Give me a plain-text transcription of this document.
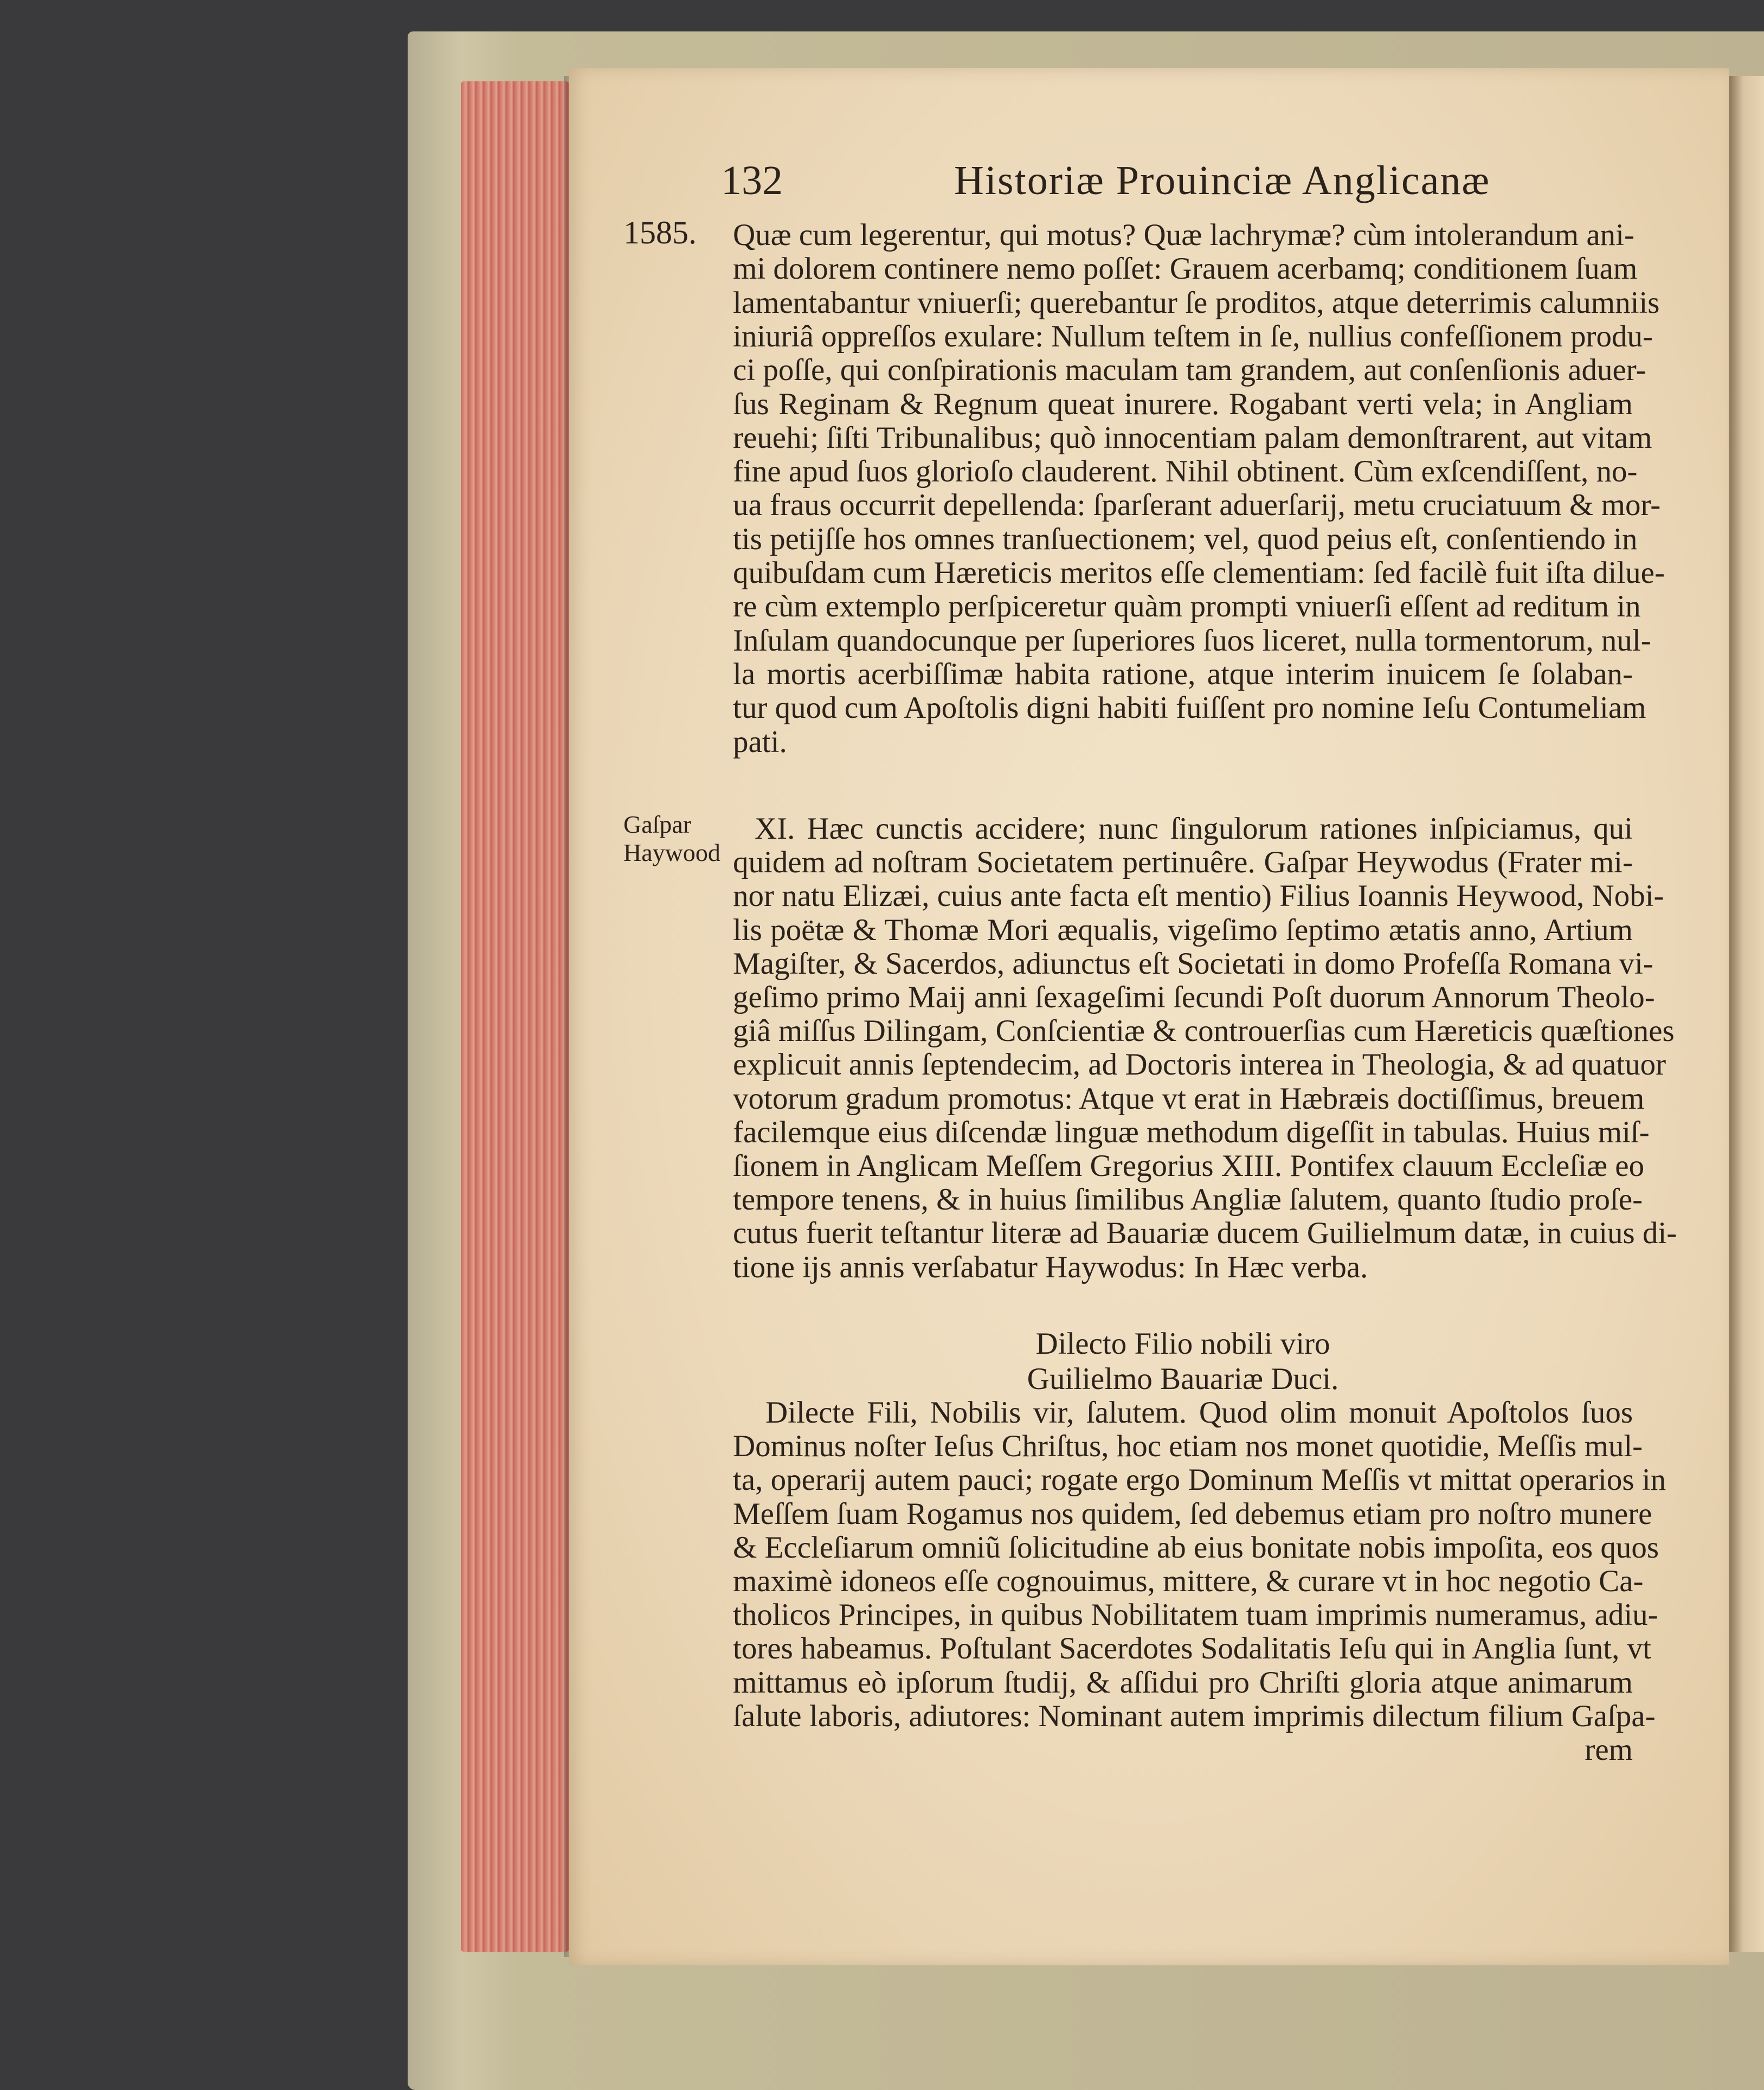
132	Historiæ Prouinciæ Anglicanæ
1585.
Gaſpar
Haywood
Quæ cum legerentur, qui motus? Quæ lachrymæ? cùm intolerandum ani-
mi dolorem continere nemo poſſet: Grauem acerbamq; conditionem ſuam
lamentabantur vniuerſi; querebantur ſe proditos, atque deterrimis calumniis
iniuriâ oppreſſos exulare: Nullum teſtem in ſe, nullius confeſſionem produ-
ci poſſe, qui conſpirationis maculam tam grandem, aut conſenſionis aduer-
ſus Reginam & Regnum queat inurere. Rogabant verti vela; in Angliam
reuehi; ſiſti Tribunalibus; quò innocentiam palam demonſtrarent, aut vitam
fine apud ſuos glorioſo clauderent. Nihil obtinent. Cùm exſcendiſſent, no-
ua fraus occurrit depellenda: ſparſerant aduerſarij, metu cruciatuum & mor-
tis petijſſe hos omnes tranſuectionem; vel, quod peius eſt, conſentiendo in
quibuſdam cum Hæreticis meritos eſſe clementiam: ſed facilè fuit iſta dilue-
re cùm extemplo perſpiceretur quàm prompti vniuerſi eſſent ad reditum in
Inſulam quandocunque per ſuperiores ſuos liceret, nulla tormentorum, nul-
la mortis acerbiſſimæ habita ratione, atque interim inuicem ſe ſolaban-
tur quod cum Apoſtolis digni habiti fuiſſent pro nomine Ieſu Contumeliam
pati.
XI. Hæc cunctis accidere; nunc ſingulorum rationes inſpiciamus, qui
quidem ad noſtram Societatem pertinuêre. Gaſpar Heywodus (Frater mi-
nor natu Elizæi, cuius ante facta eſt mentio) Filius Ioannis Heywood, Nobi-
lis poëtæ & Thomæ Mori æqualis, vigeſimo ſeptimo ætatis anno, Artium
Magiſter, & Sacerdos, adiunctus eſt Societati in domo Profeſſa Romana vi-
geſimo primo Maij anni ſexageſimi ſecundi Poſt duorum Annorum Theolo-
giâ miſſus Dilingam, Conſcientiæ & controuerſias cum Hæreticis quæſtiones
explicuit annis ſeptendecim, ad Doctoris interea in Theologia, & ad quatuor
votorum gradum promotus: Atque vt erat in Hæbræis doctiſſimus, breuem
facilemque eius diſcendæ linguæ methodum digeſſit in tabulas. Huius miſ-
ſionem in Anglicam Meſſem Gregorius XIII. Pontifex clauum Eccleſiæ eo
tempore tenens, & in huius ſimilibus Angliæ ſalutem, quanto ſtudio proſe-
cutus fuerit teſtantur literæ ad Bauariæ ducem Guilielmum datæ, in cuius di-
tione ijs annis verſabatur Haywodus: In Hæc verba.
Dilecto Filio nobili viro
Guilielmo Bauariæ Duci.
Dilecte Fili, Nobilis vir, ſalutem. Quod olim monuit Apoſtolos ſuos
Dominus noſter Ieſus Chriſtus, hoc etiam nos monet quotidie, Meſſis mul-
ta, operarij autem pauci; rogate ergo Dominum Meſſis vt mittat operarios in
Meſſem ſuam Rogamus nos quidem, ſed debemus etiam pro noſtro munere
& Eccleſiarum omniũ ſolicitudine ab eius bonitate nobis impoſita, eos quos
maximè idoneos eſſe cognouimus, mittere, & curare vt in hoc negotio Ca-
tholicos Principes, in quibus Nobilitatem tuam imprimis numeramus, adiu-
tores habeamus. Poſtulant Sacerdotes Sodalitatis Ieſu qui in Anglia ſunt, vt
mittamus eò ipſorum ſtudij, & aſſidui pro Chriſti gloria atque animarum
ſalute laboris, adiutores: Nominant autem imprimis dilectum filium Gaſpa-
rem
